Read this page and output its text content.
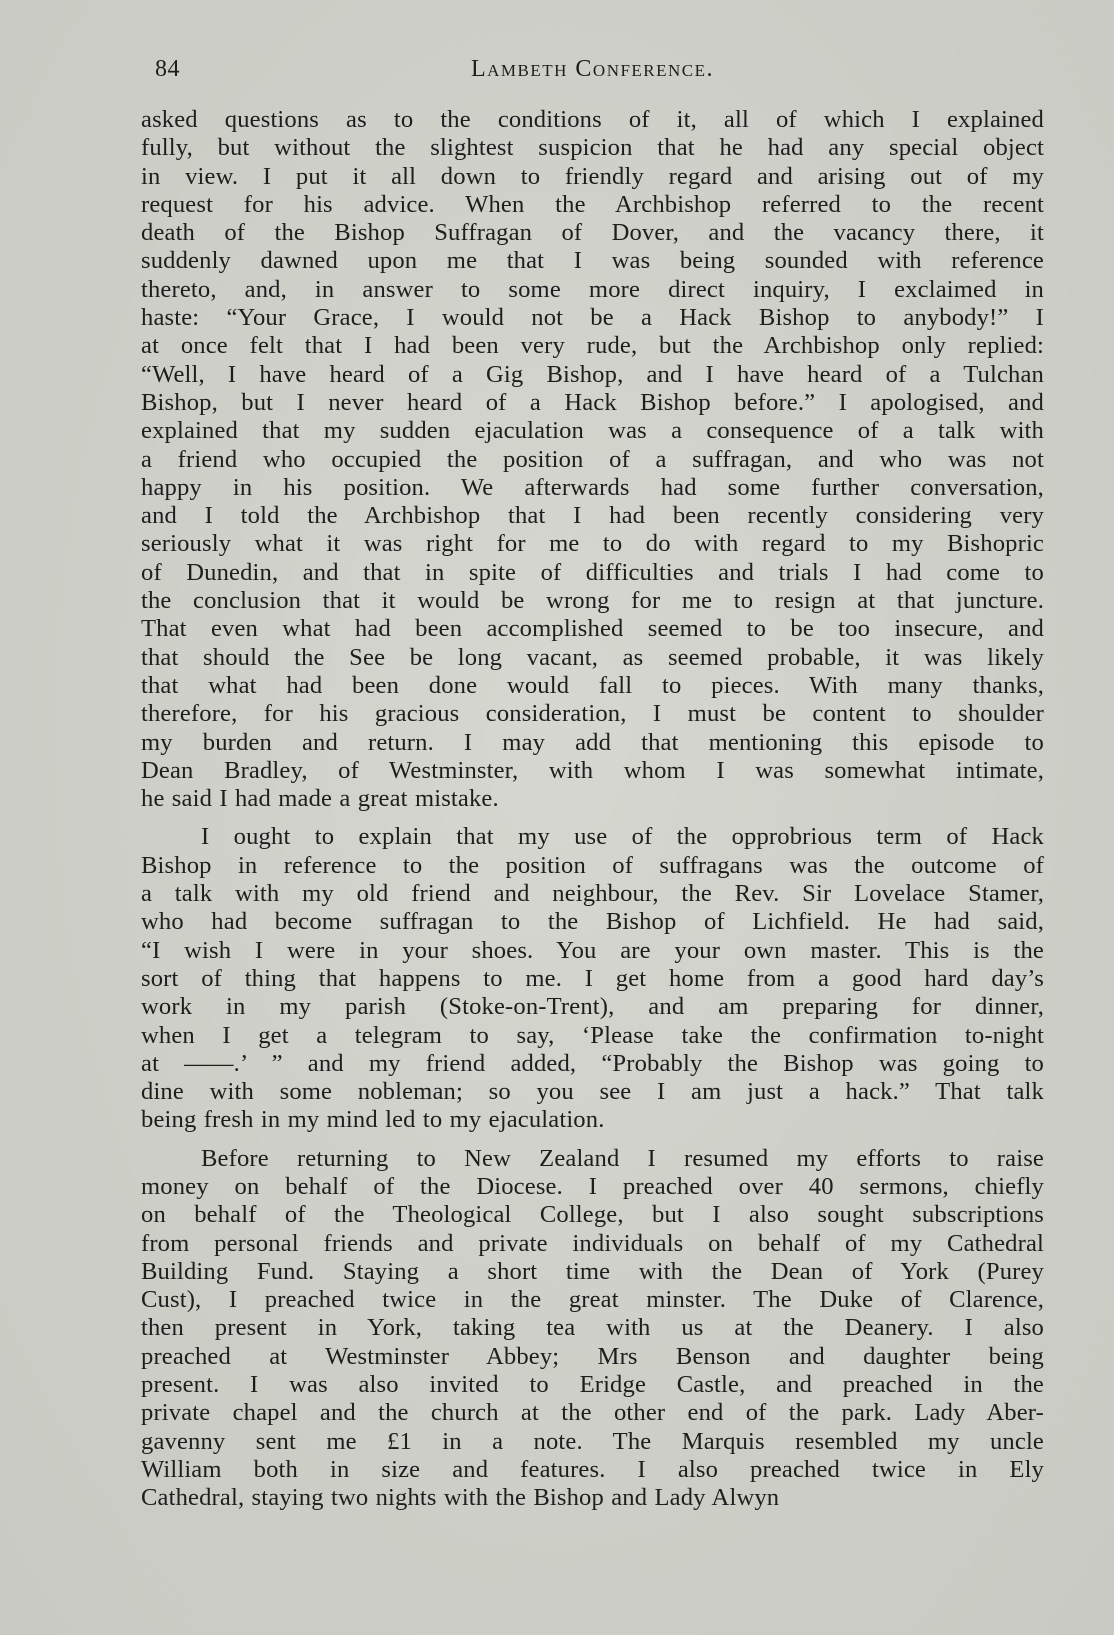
84	Lambeth Conference.

asked questions as to the conditions of it, all of which I explained
fully, but without the slightest suspicion that he had any special object
in view. I put it all down to friendly regard and arising out of my
request for his advice. When the Archbishop referred to the recent
death of the Bishop Suffragan of Dover, and the vacancy there, it
suddenly dawned upon me that I was being sounded with reference
thereto, and, in answer to some more direct inquiry, I exclaimed in
haste: “Your Grace, I would not be a Hack Bishop to anybody!” I
at once felt that I had been very rude, but the Archbishop only replied:
“Well, I have heard of a Gig Bishop, and I have heard of a Tulchan
Bishop, but I never heard of a Hack Bishop before.” I apologised, and
explained that my sudden ejaculation was a consequence of a talk with
a friend who occupied the position of a suffragan, and who was not
happy in his position. We afterwards had some further conversation,
and I told the Archbishop that I had been recently considering very
seriously what it was right for me to do with regard to my Bishopric
of Dunedin, and that in spite of difficulties and trials I had come to
the conclusion that it would be wrong for me to resign at that juncture.
That even what had been accomplished seemed to be too insecure, and
that should the See be long vacant, as seemed probable, it was likely
that what had been done would fall to pieces. With many thanks,
therefore, for his gracious consideration, I must be content to shoulder
my burden and return. I may add that mentioning this episode to
Dean Bradley, of Westminster, with whom I was somewhat intimate,
he said I had made a great mistake.

I ought to explain that my use of the opprobrious term of Hack
Bishop in reference to the position of suffragans was the outcome of
a talk with my old friend and neighbour, the Rev. Sir Lovelace Stamer,
who had become suffragan to the Bishop of Lichfield. He had said,
“I wish I were in your shoes. You are your own master. This is the
sort of thing that happens to me. I get home from a good hard day’s
work in my parish (Stoke-on-Trent), and am preparing for dinner,
when I get a telegram to say, ‘Please take the confirmation to-night
at ——.’ ” and my friend added, “Probably the Bishop was going to
dine with some nobleman; so you see I am just a hack.” That talk
being fresh in my mind led to my ejaculation.

Before returning to New Zealand I resumed my efforts to raise
money on behalf of the Diocese. I preached over 40 sermons, chiefly
on behalf of the Theological College, but I also sought subscriptions
from personal friends and private individuals on behalf of my Cathedral
Building Fund. Staying a short time with the Dean of York (Purey
Cust), I preached twice in the great minster. The Duke of Clarence,
then present in York, taking tea with us at the Deanery. I also
preached at Westminster Abbey; Mrs Benson and daughter being
present. I was also invited to Eridge Castle, and preached in the
private chapel and the church at the other end of the park. Lady Aber-
gavenny sent me £1 in a note. The Marquis resembled my uncle
William both in size and features. I also preached twice in Ely
Cathedral, staying two nights with the Bishop and Lady Alwyn
